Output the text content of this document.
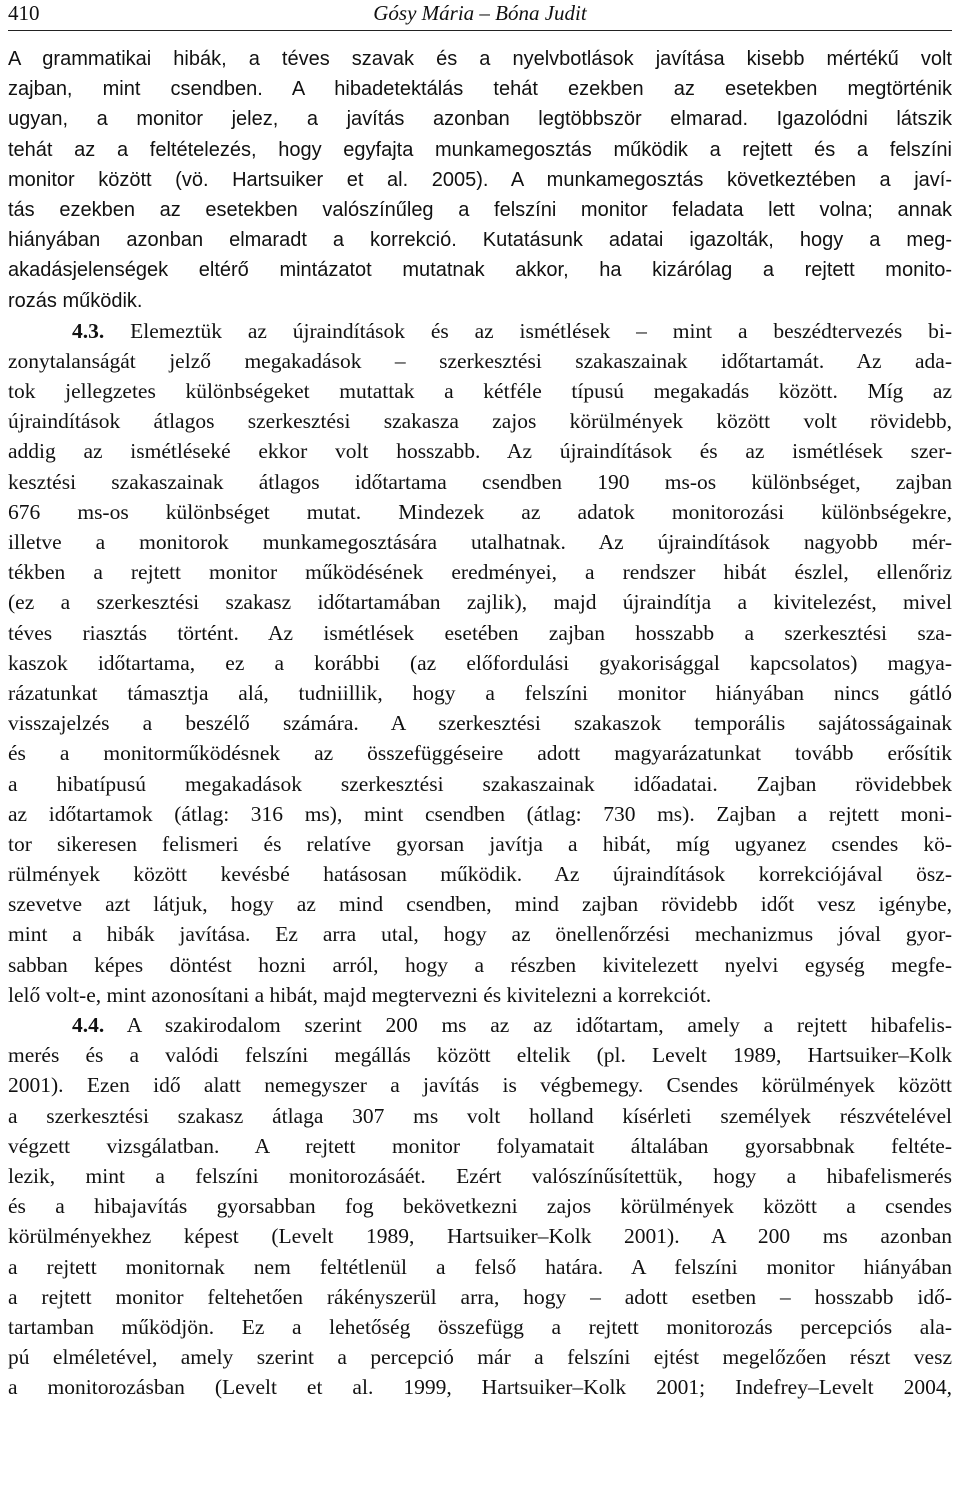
410	Gósy Mária – Bóna Judit
A grammatikai hibák, a téves szavak és a nyelvbotlások javítása kisebb mértékű volt
zajban, mint csendben. A hibadetektálás tehát ezekben az esetekben megtörténik
ugyan, a monitor jelez, a javítás azonban legtöbbször elmarad. Igazolódni látszik
tehát az a feltételezés, hogy egyfajta munkamegosztás működik a rejtett és a felszíni
monitor között (vö. Hartsuiker et al. 2005). A munkamegosztás következtében a javí-
tás ezekben az esetekben valószínűleg a felszíni monitor feladata lett volna; annak
hiányában azonban elmaradt a korrekció. Kutatásunk adatai igazolták, hogy a meg-
akadásjelenségek eltérő mintázatot mutatnak akkor, ha kizárólag a rejtett monito-
rozás működik.
4.3. Elemeztük az újraindítások és az ismétlések – mint a beszédtervezés bi-
zonytalanságát jelző megakadások – szerkesztési szakaszainak időtartamát. Az ada-
tok jellegzetes különbségeket mutattak a kétféle típusú megakadás között. Míg az
újraindítások átlagos szerkesztési szakasza zajos körülmények között volt rövidebb,
addig az ismétléseké ekkor volt hosszabb. Az újraindítások és az ismétlések szer-
kesztési szakaszainak átlagos időtartama csendben 190 ms-os különbséget, zajban
676 ms-os különbséget mutat. Mindezek az adatok monitorozási különbségekre,
illetve a monitorok munkamegosztására utalhatnak. Az újraindítások nagyobb mér-
tékben a rejtett monitor működésének eredményei, a rendszer hibát észlel, ellenőriz
(ez a szerkesztési szakasz időtartamában zajlik), majd újraindítja a kivitelezést, mivel
téves riasztás történt. Az ismétlések esetében zajban hosszabb a szerkesztési sza-
kaszok időtartama, ez a korábbi (az előfordulási gyakorisággal kapcsolatos) magya-
rázatunkat támasztja alá, tudniillik, hogy a felszíni monitor hiányában nincs gátló
visszajelzés a beszélő számára. A szerkesztési szakaszok temporális sajátosságainak
és a monitorműködésnek az összefüggéseire adott magyarázatunkat tovább erősítik
a hibatípusú megakadások szerkesztési szakaszainak időadatai. Zajban rövidebbek
az időtartamok (átlag: 316 ms), mint csendben (átlag: 730 ms). Zajban a rejtett moni-
tor sikeresen felismeri és relatíve gyorsan javítja a hibát, míg ugyanez csendes kö-
rülmények között kevésbé hatásosan működik. Az újraindítások korrekciójával ösz-
szevetve azt látjuk, hogy az mind csendben, mind zajban rövidebb időt vesz igénybe,
mint a hibák javítása. Ez arra utal, hogy az önellenőrzési mechanizmus jóval gyor-
sabban képes döntést hozni arról, hogy a részben kivitelezett nyelvi egység megfe-
lelő volt-e, mint azonosítani a hibát, majd megtervezni és kivitelezni a korrekciót.
4.4. A szakirodalom szerint 200 ms az az időtartam, amely a rejtett hibafelis-
merés és a valódi felszíni megállás között eltelik (pl. Levelt 1989, Hartsuiker–Kolk
2001). Ezen idő alatt nemegyszer a javítás is végbemegy. Csendes körülmények között
a szerkesztési szakasz átlaga 307 ms volt holland kísérleti személyek részvételével
végzett vizsgálatban. A rejtett monitor folyamatait általában gyorsabbnak feltéte-
lezik, mint a felszíni monitorozásáét. Ezért valószínűsítettük, hogy a hibafelismerés
és a hibajavítás gyorsabban fog bekövetkezni zajos körülmények között a csendes
körülményekhez képest (Levelt 1989, Hartsuiker–Kolk 2001). A 200 ms azonban
a rejtett monitornak nem feltétlenül a felső határa. A felszíni monitor hiányában
a rejtett monitor feltehetően rákényszerül arra, hogy – adott esetben – hosszabb idő-
tartamban működjön. Ez a lehetőség összefügg a rejtett monitorozás percepciós ala-
pú elméletével, amely szerint a percepció már a felszíni ejtést megelőzően részt vesz
a monitorozásban (Levelt et al. 1999, Hartsuiker–Kolk 2001; Indefrey–Levelt 2004,
